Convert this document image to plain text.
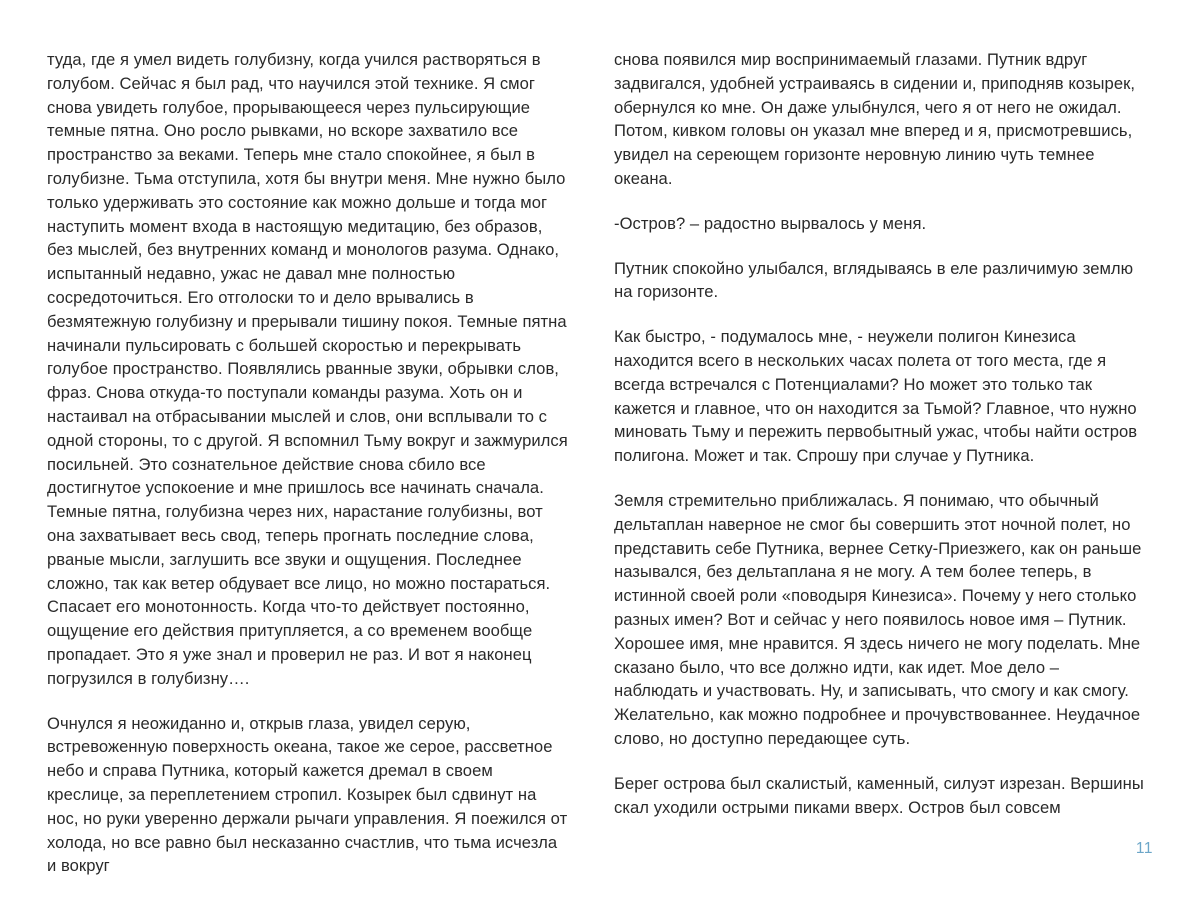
туда, где я умел видеть голубизну, когда учился растворяться в голубом. Сейчас я был рад, что научился этой технике. Я смог снова увидеть голубое, прорывающееся через пульсирующие темные пятна. Оно росло рывками, но вскоре захватило все пространство за веками. Теперь мне стало спокойнее, я был в голубизне. Тьма отступила, хотя бы внутри меня. Мне нужно было только удерживать это состояние как можно дольше и тогда мог наступить момент входа в настоящую медитацию, без образов, без мыслей, без внутренних команд и монологов разума. Однако, испытанный недавно, ужас не давал мне полностью сосредоточиться. Его отголоски то и дело врывались в безмятежную голубизну и прерывали тишину покоя. Темные пятна начинали пульсировать с большей скоростью и перекрывать голубое пространство. Появлялись рванные звуки, обрывки слов, фраз. Снова откуда-то поступали команды разума. Хоть он и настаивал на отбрасывании мыслей и слов, они всплывали то с одной стороны, то с другой. Я вспомнил Тьму вокруг и зажмурился посильней. Это сознательное действие снова сбило все достигнутое успокоение и мне пришлось все начинать сначала. Темные пятна, голубизна через них, нарастание голубизны, вот она захватывает весь свод, теперь прогнать последние слова, рваные мысли, заглушить все звуки и ощущения. Последнее сложно, так как ветер обдувает все лицо, но можно постараться. Спасает его монотонность. Когда что-то действует постоянно, ощущение его действия притупляется, а со временем вообще пропадает. Это я уже знал и проверил не раз. И вот я наконец погрузился в голубизну….

Очнулся я неожиданно и, открыв глаза, увидел серую, встревоженную поверхность океана, такое же серое, рассветное небо и справа Путника, который кажется дремал в своем креслице, за переплетением стропил. Козырек был сдвинут на нос, но руки уверенно держали рычаги управления. Я поежился от холода, но все равно был несказанно счастлив, что тьма исчезла и вокруг

снова появился мир воспринимаемый глазами. Путник вдруг задвигался, удобней устраиваясь в сидении и, приподняв козырек, обернулся ко мне. Он даже улыбнулся, чего я от него не ожидал. Потом, кивком головы он указал мне вперед и я, присмотревшись, увидел на сереющем горизонте неровную линию чуть темнее океана.

-Остров? – радостно вырвалось у меня.

Путник спокойно улыбался, вглядываясь в еле различимую землю на горизонте.

Как быстро, - подумалось мне, - неужели полигон Кинезиса находится всего в нескольких часах полета от того места, где я всегда встречался с Потенциалами? Но может это только так кажется и главное, что он находится за Тьмой? Главное, что нужно миновать Тьму и пережить первобытный ужас, чтобы найти остров полигона. Может и так. Спрошу при случае у Путника.

Земля стремительно приближалась. Я понимаю, что обычный дельтаплан наверное не смог бы совершить этот ночной полет, но представить себе Путника, вернее Сетку-Приезжего, как он раньше назывался, без дельтаплана я не могу. А тем более теперь, в истинной своей роли «поводыря Кинезиса». Почему у него столько разных имен? Вот и сейчас у него появилось новое имя – Путник. Хорошее имя, мне нравится. Я здесь ничего не могу поделать. Мне сказано было, что все должно идти, как идет. Мое дело – наблюдать и участвовать. Ну, и записывать, что смогу и как смогу. Желательно, как можно подробнее и прочувствованнее. Неудачное слово, но доступно передающее суть.

Берег острова был скалистый, каменный, силуэт изрезан. Вершины скал уходили острыми пиками вверх. Остров был совсем

11
